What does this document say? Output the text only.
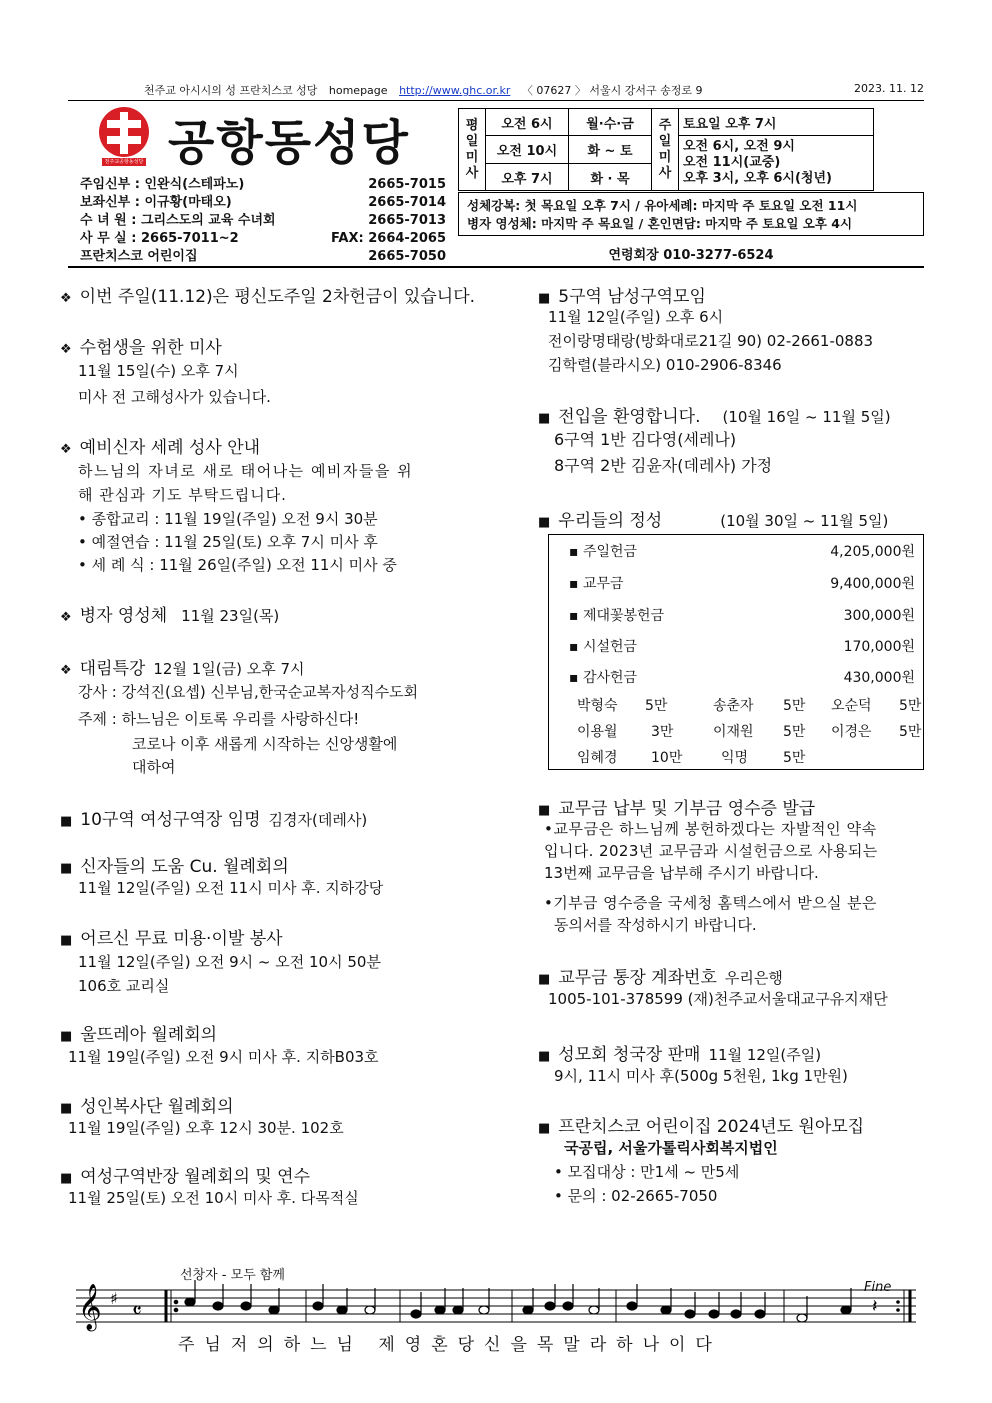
천주교 아시시의 성 프란치스코 성당 homepage http://www.ghc.or.kr 〈 07627 〉 서울시 강서구 송정로 9	2023. 11. 12
천주교공항동성당 공항동성당
주임신부 : 인완식(스테파노)	2665-7015
보좌신부 : 이규황(마태오)	2665-7014
수 녀 원 : 그리스도의 교육 수녀회	2665-7013
사 무 실 : 2665-7011~2	FAX: 2664-2065
프란치스코 어린이집	2665-7050
평일미사	오전 6시	월·수·금	주일미사	토요일 오후 7시
	오전 10시	화 ~ 토		오전 6시, 오전 9시
오전 11시(교중)
오후 3시, 오후 6시(청년)

	오후 7시	화 · 목		
성체강복: 첫 목요일 오후 7시 / 유아세례: 마지막 주 토요일 오전 11시
병자 영성체: 마지막 주 목요일 / 혼인면담: 마지막 주 토요일 오후 4시
연령회장 010-3277-6524
❖ 이번 주일(11.12)은 평신도주일 2차헌금이 있습니다.
❖ 수험생을 위한 미사
11월 15일(수) 오후 7시
미사 전 고해성사가 있습니다.
❖ 예비신자 세례 성사 안내
하느님의 자녀로 새로 태어나는 예비자들을 위
해 관심과 기도 부탁드립니다.
• 종합교리 : 11월 19일(주일) 오전 9시 30분
• 예절연습 : 11월 25일(토) 오후 7시 미사 후
• 세 례 식 : 11월 26일(주일) 오전 11시 미사 중
❖ 병자 영성체 11월 23일(목)
❖ 대림특강 12월 1일(금) 오후 7시
강사 : 강석진(요셉) 신부님,한국순교복자성직수도회
주제 : 하느님은 이토록 우리를 사랑하신다!
코로나 이후 새롭게 시작하는 신앙생활에
대하여
■ 10구역 여성구역장 임명 김경자(데레사)
■ 신자들의 도움 Cu. 월례회의
11월 12일(주일) 오전 11시 미사 후. 지하강당
■ 어르신 무료 미용·이발 봉사
11월 12일(주일) 오전 9시 ~ 오전 10시 50분
106호 교리실
■ 울뜨레아 월례회의
11월 19일(주일) 오전 9시 미사 후. 지하B03호
■ 성인복사단 월례회의
11월 19일(주일) 오후 12시 30분. 102호
■ 여성구역반장 월례회의 및 연수
11월 25일(토) 오전 10시 미사 후. 다목적실
■ 5구역 남성구역모임
11월 12일(주일) 오후 6시
전이랑명태랑(방화대로21길 90) 02-2661-0883
김학렬(블라시오) 010-2906-8346
■ 전입을 환영합니다. (10월 16일 ~ 11월 5일)
6구역 1반 김다영(세레나)
8구역 2반 김윤자(데레사) 가정
■ 우리들의 정성	(10월 30일 ~ 11월 5일)
▪ 주일헌금	4,205,000원
▪ 교무금	9,400,000원
▪ 제대꽃봉헌금	300,000원
▪ 시설헌금	170,000원
▪ 감사헌금	430,000원
박형숙 5만	송춘자 5만 오순덕 5만
이용월 3만	이재원 5만 이경은 5만
임혜경 10만	익명 5만
■ 교무금 납부 및 기부금 영수증 발급
•교무금은 하느님께 봉헌하겠다는 자발적인 약속
입니다. 2023년 교무금과 시설헌금으로 사용되는
13번째 교무금을 납부해 주시기 바랍니다.
•기부금 영수증을 국세청 홈텍스에서 받으실 분은
동의서를 작성하시기 바랍니다.
■ 교무금 통장 계좌번호 우리은행
1005-101-378599 (재)천주교서울대교구유지재단
■ 성모회 청국장 판매 11월 12일(주일)
9시, 11시 미사 후(500g 5천원, 1kg 1만원)
■ 프란치스코 어린이집 2024년도 원아모집
국공립, 서울가톨릭사회복지법인
• 모집대상 : 만1세 ~ 만5세
• 문의 : 02-2665-7050
선창자 - 모두 함께
Fine
𝄞 ♯
𝄴	𝄽
주님저의하느님 제영혼당신을목말라하나이다
